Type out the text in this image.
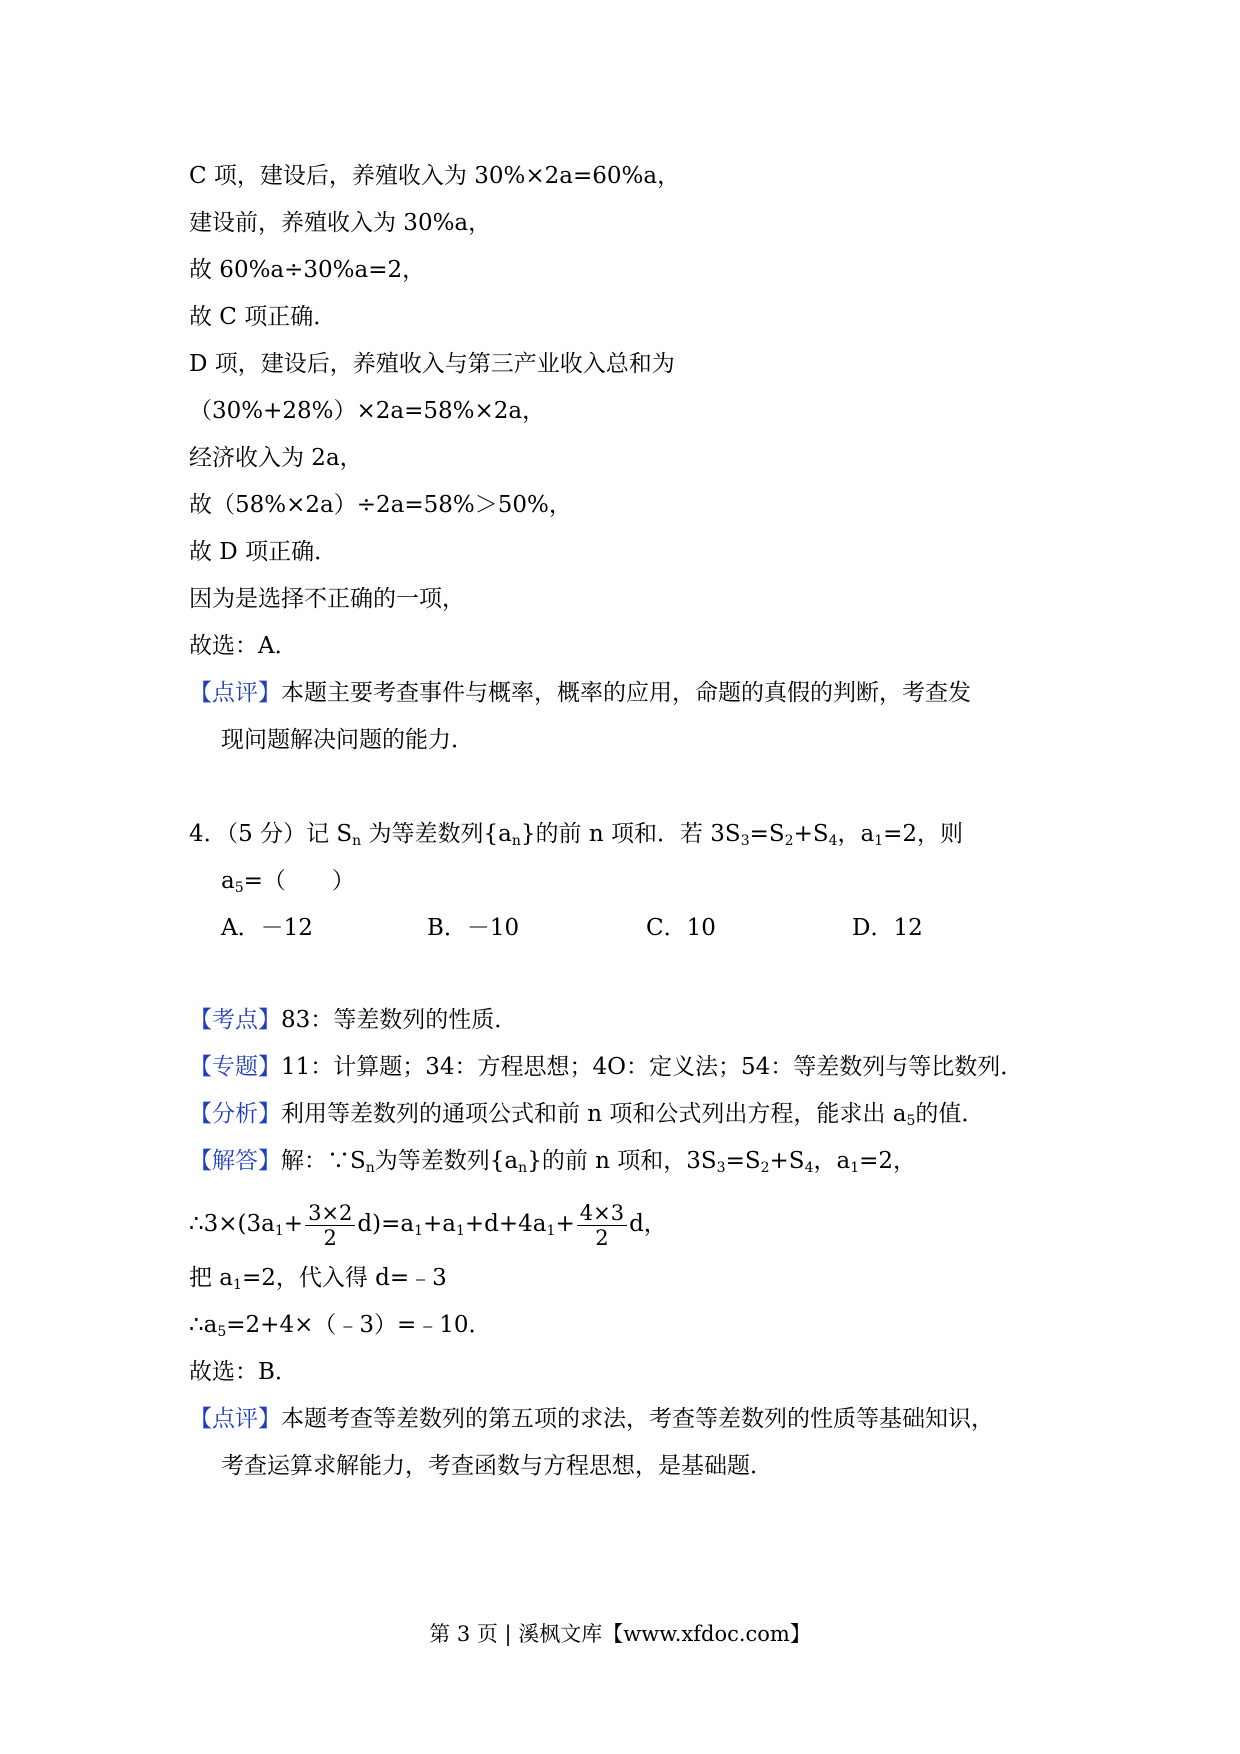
C 项，建设后，养殖收入为 30%×2a=60%a，
建设前，养殖收入为 30%a，
故 60%a÷30%a=2，
故 C 项正确．
D 项，建设后，养殖收入与第三产业收入总和为
（30%+28%）×2a=58%×2a，
经济收入为 2a，
故（58%×2a）÷2a=58%＞50%，
故 D 项正确．
因为是选择不正确的一项，
故选：A．
【点评】本题主要考查事件与概率，概率的应用，命题的真假的判断，考查发
现问题解决问题的能力．
4．（5 分）记 $S_n$ 为等差数列$\{a_n\}$的前 n 项和．若 $3S_3=S_2+S_4$，$a_1=2$，则
$a_5=$（　　）
A．－12	B．－10	C．10	D．12
【考点】83：等差数列的性质．
【专题】11：计算题；34：方程思想；4O：定义法；54：等差数列与等比数列．
【分析】利用等差数列的通项公式和前 n 项和公式列出方程，能求出 $a_5$的值．
【解答】解：$\because S_n$为等差数列$\{a_n\}$的前 n 项和，$3S_3=S_2+S_4$，$a_1=2$，
$\therefore 3\times(3a_1+ \frac{3\times 2}{2} d)=a_1+a_1+d+4a_1+ \frac{4\times 3}{2}$ d，
把 $a_1=2$，代入得 d=﹣3
$\therefore a_5=2+4\times(﹣3)=﹣10$．
故选：B．
【点评】本题考查等差数列的第五项的求法，考查等差数列的性质等基础知识，
考查运算求解能力，考查函数与方程思想，是基础题．
第 3 页 | 溪枫文库【www.xfdoc.com】
